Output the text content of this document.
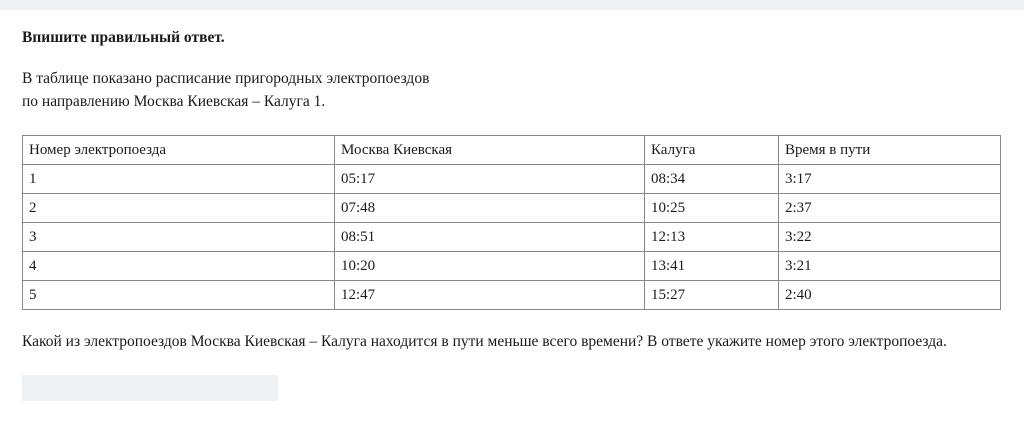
Впишите правильный ответ.
В таблице показано расписание пригородных электропоездов
по направлению Москва Киевская – Калуга 1.
Номер электропоезда	Москва Киевская	Калуга	Время в пути
1	05:17	08:34	3:17
2	07:48	10:25	2:37
3	08:51	12:13	3:22
4	10:20	13:41	3:21
5	12:47	15:27	2:40
Какой из электропоездов Москва Киевская – Калуга находится в пути меньше всего времени? В ответе укажите номер этого электропоезда.
